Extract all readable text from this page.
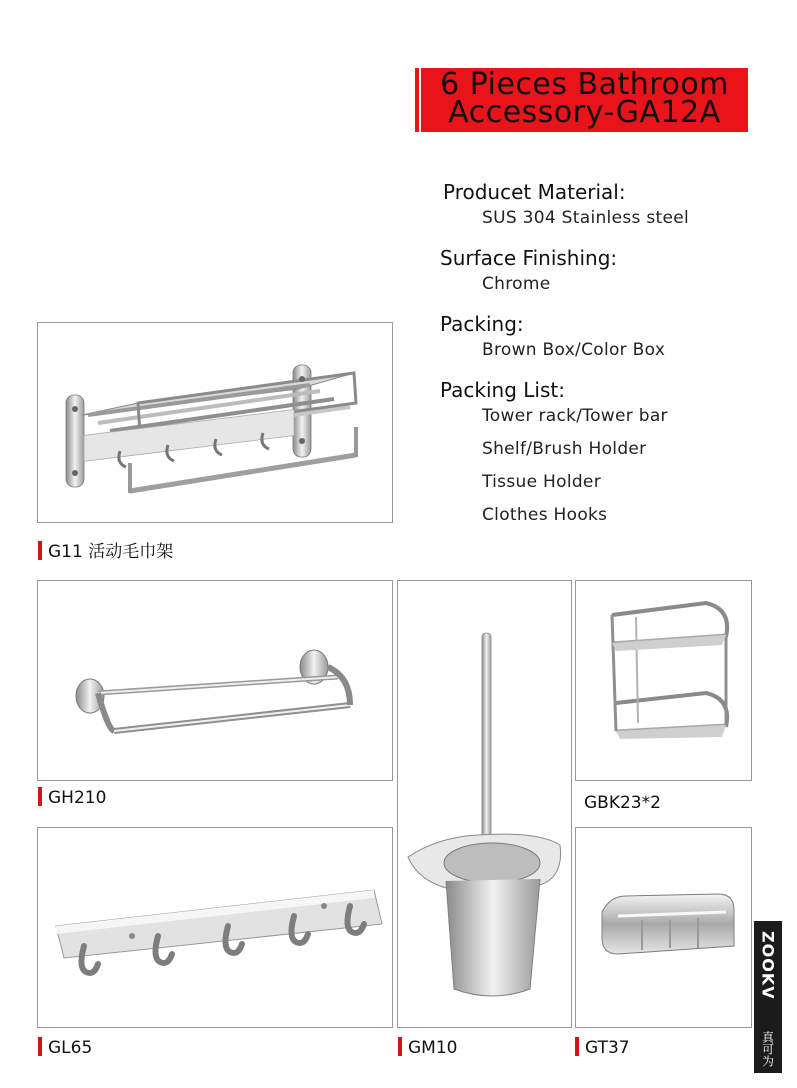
6 Pieces Bathroom
Accessory-GA12A
Producet Material:
SUS 304 Stainless steel
Surface Finishing:
Chrome
Packing:
Brown Box/Color Box
Packing List:
Tower rack/Tower bar
Shelf/Brush Holder
Tissue Holder
Clothes Hooks
G11 活动毛巾架
GH210
GL65	GM10
GBK23*2
GT37
ZOOKV
真可为
